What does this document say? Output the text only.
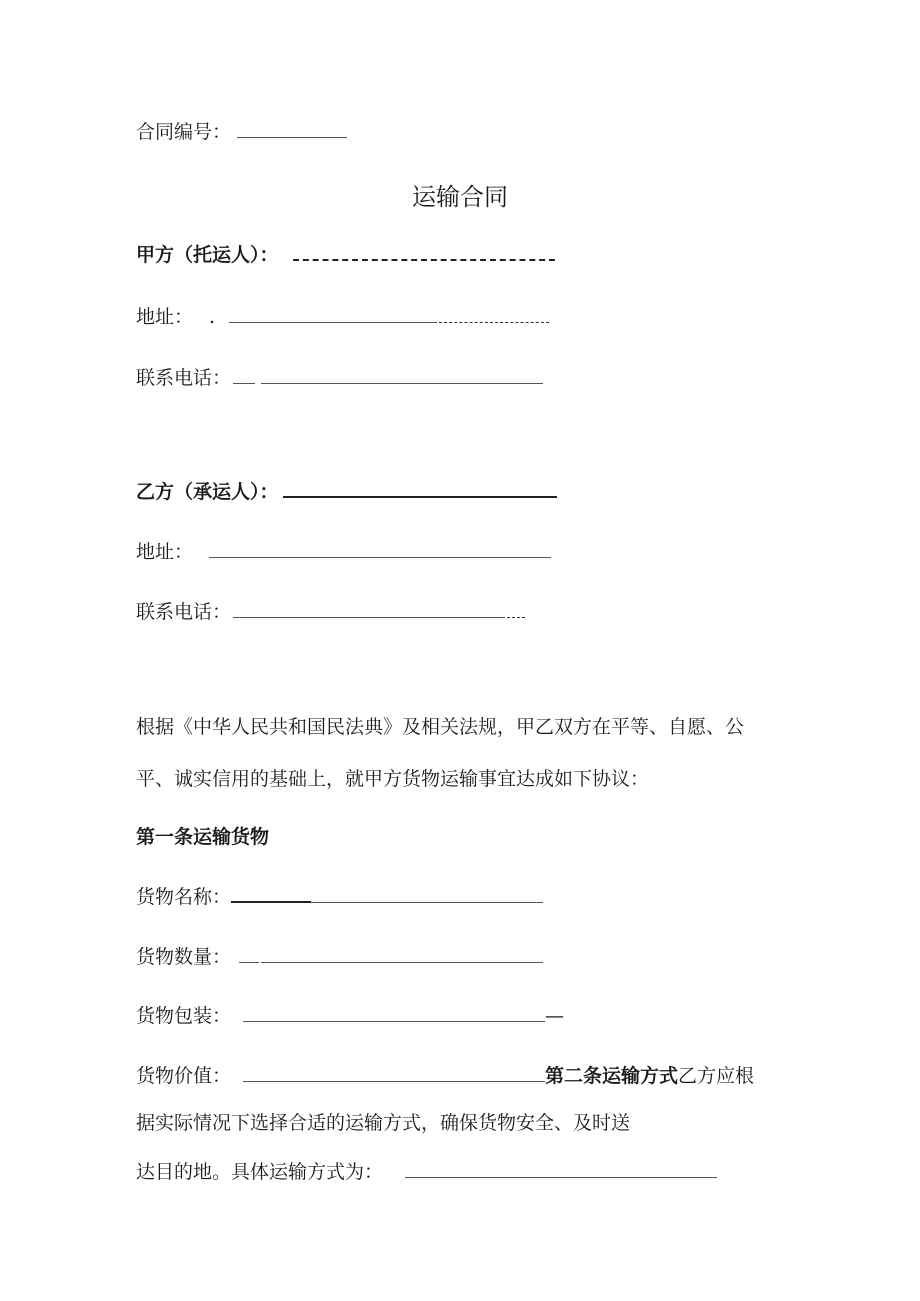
合同编号：
运输合同
甲方（托运人）：
地址： .
联系电话：
乙方（承运人）：
地址：
联系电话：
根据《中华人民共和国民法典》及相关法规，甲乙双方在平等、自愿、公
平、诚实信用的基础上，就甲方货物运输事宜达成如下协议：
第一条运输货物
货物名称：
货物数量：
货物包装：	—
货物价值：	第二条运输方式乙方应根
据实际情况下选择合适的运输方式，确保货物安全、及时送
达目的地。具体运输方式为：
